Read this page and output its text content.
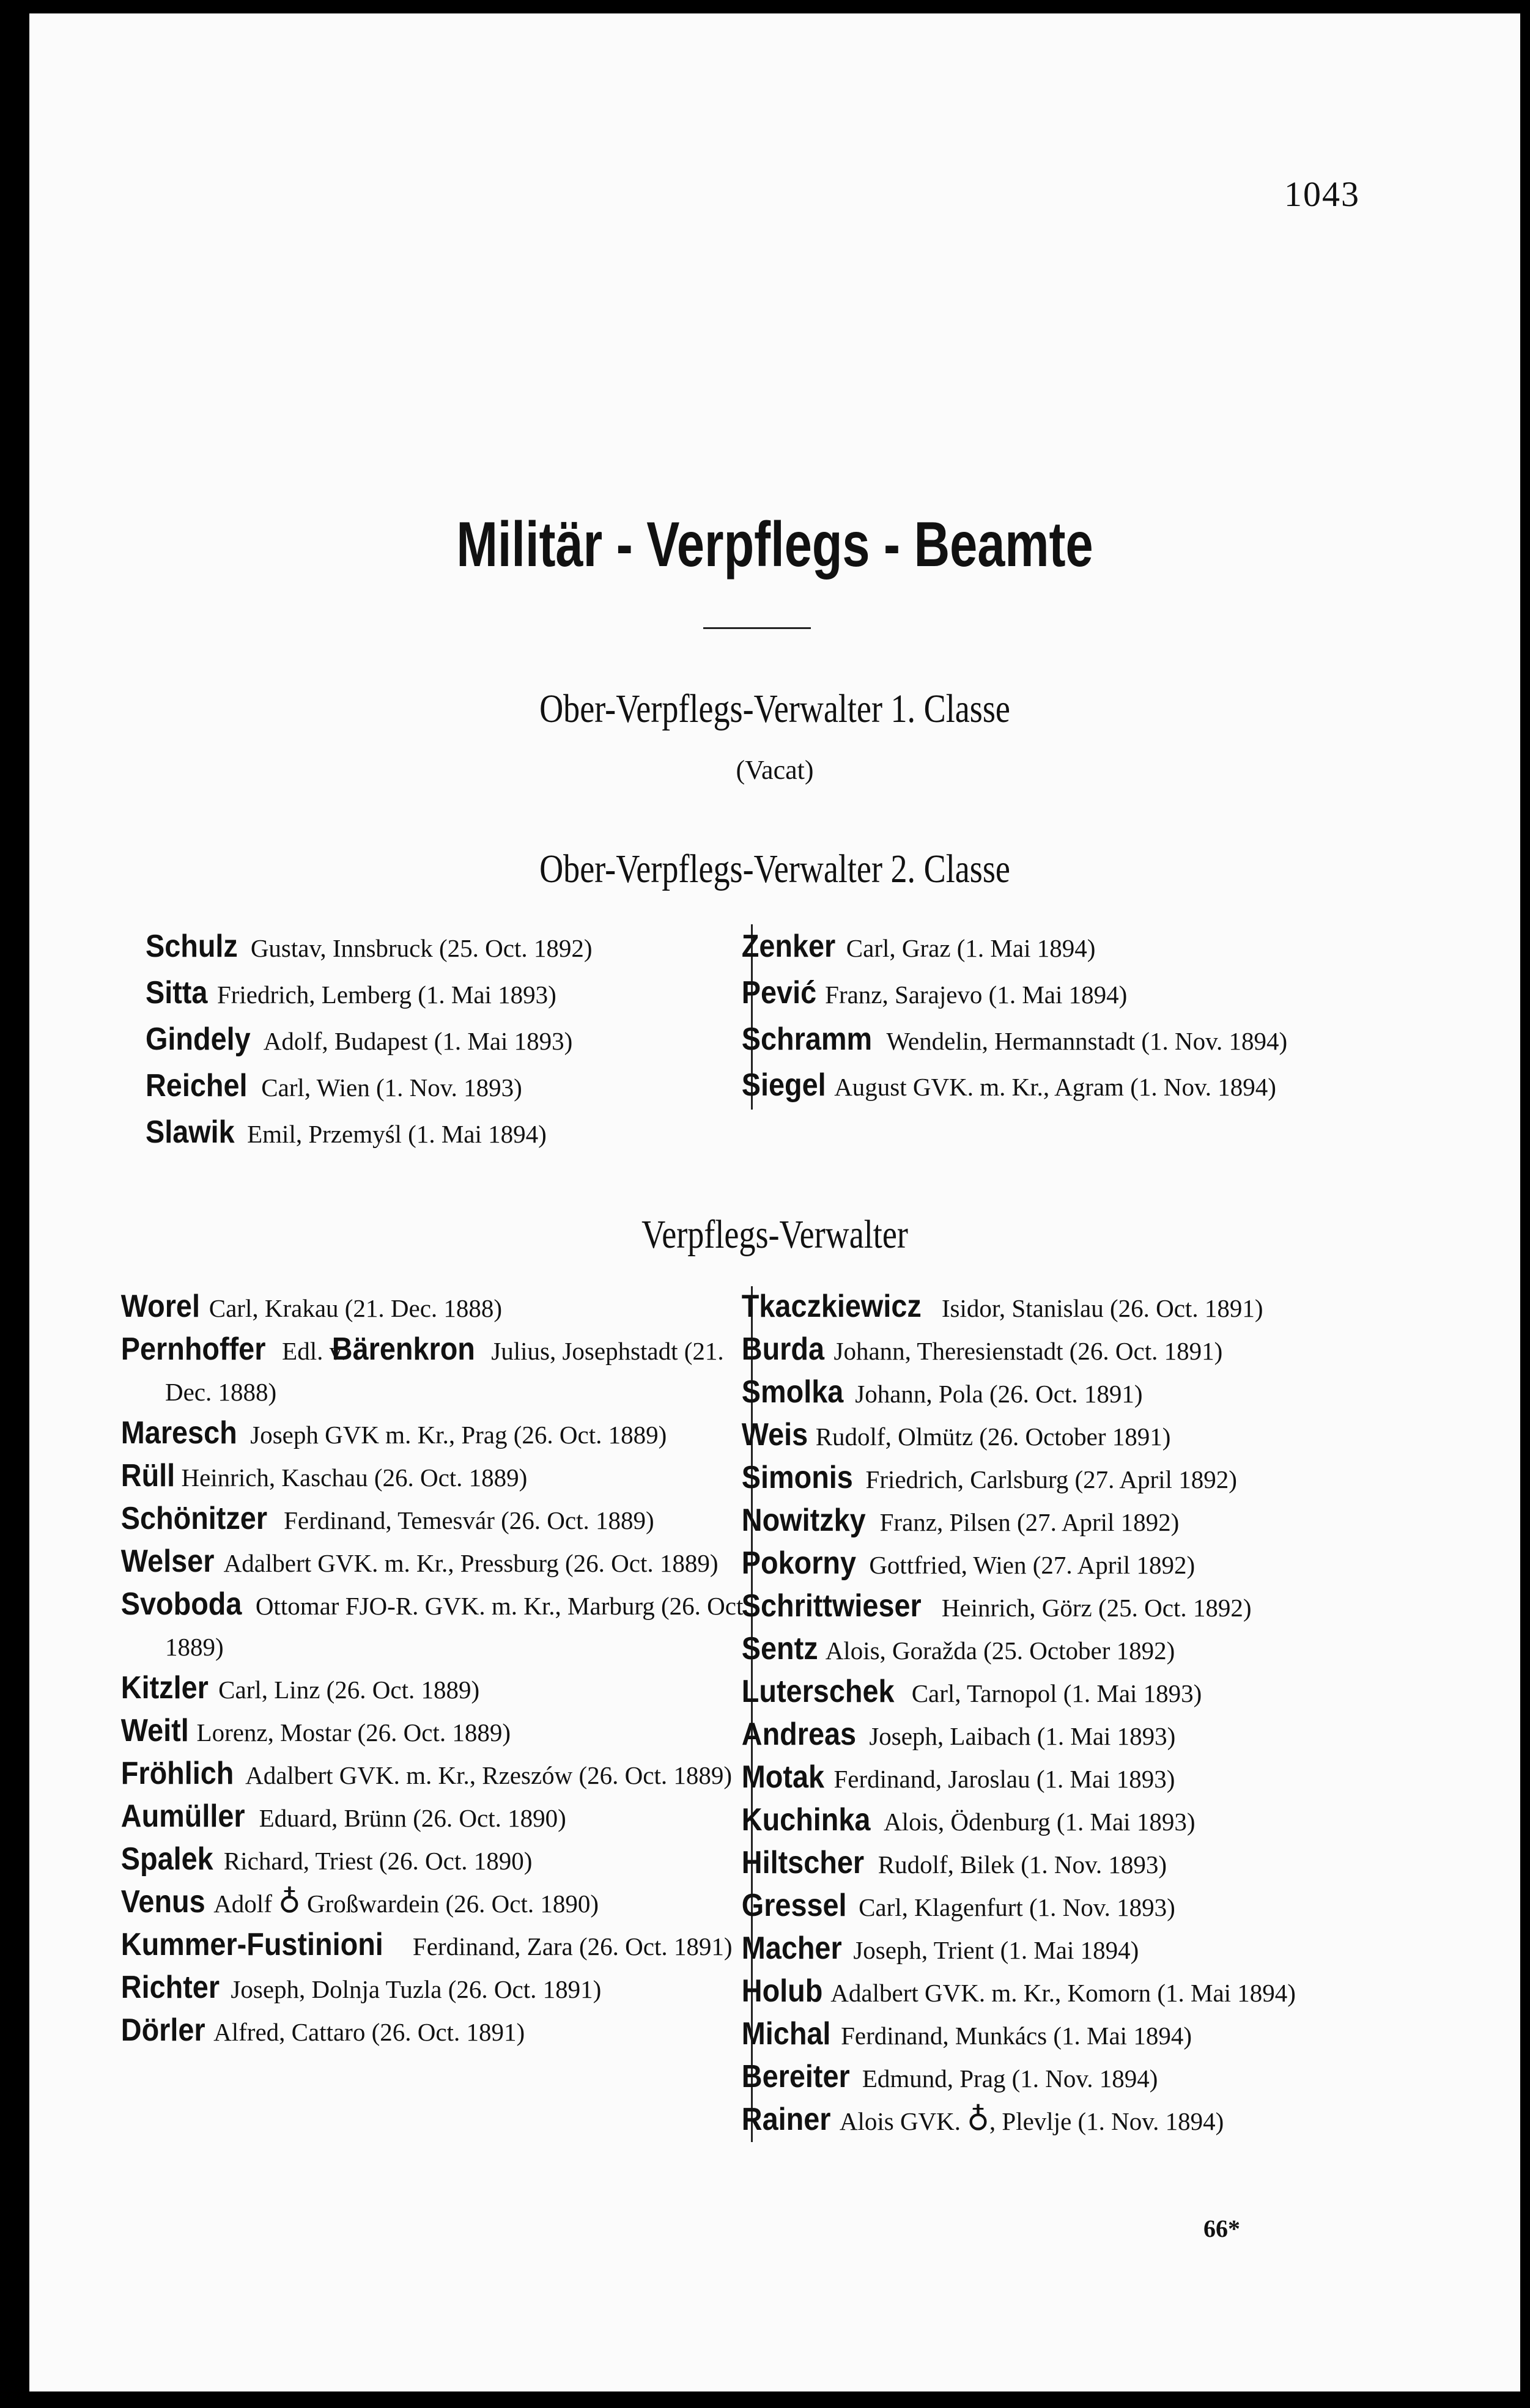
1043
Militär - Verpflegs - Beamte
Ober-Verpflegs-Verwalter 1. Classe
(Vacat)
Ober-Verpflegs-Verwalter 2. Classe

Schulz Gustav, Innsbruck (25. Oct. 1892)

Sitta Friedrich, Lemberg (1. Mai 1893)

Gindely Adolf, Budapest (1. Mai 1893)

Reichel Carl, Wien (1. Nov. 1893)

Slawik Emil, Przemyśl (1. Mai 1894)

Zenker Carl, Graz (1. Mai 1894)

Pević Franz, Sarajevo (1. Mai 1894)

Schramm Wendelin, Hermannstadt (1. Nov. 1894)

Siegel August GVK. m. Kr., Agram (1. Nov. 1894)

Verpflegs-Verwalter

Worel Carl, Krakau (21. Dec. 1888)

Pernhoffer Edl. v. Bärenkron Julius, Josephstadt (21. Dec. 1888)

Maresch Joseph GVK m. Kr., Prag (26. Oct. 1889)

Rüll Heinrich, Kaschau (26. Oct. 1889)

Schönitzer Ferdinand, Temesvár (26. Oct. 1889)

Welser Adalbert GVK. m. Kr., Pressburg (26. Oct. 1889)

Svoboda Ottomar FJO-R. GVK. m. Kr., Marburg (26. Oct. 1889)

Kitzler Carl, Linz (26. Oct. 1889)

Weitl Lorenz, Mostar (26. Oct. 1889)

Fröhlich Adalbert GVK. m. Kr., Rzeszów (26. Oct. 1889)

Aumüller Eduard, Brünn (26. Oct. 1890)

Spalek Richard, Triest (26. Oct. 1890)

Venus Adolf ♁ Großwardein (26. Oct. 1890)

Kummer-Fustinioni Ferdinand, Zara (26. Oct. 1891)

Richter Joseph, Dolnja Tuzla (26. Oct. 1891)

Dörler Alfred, Cattaro (26. Oct. 1891)

Tkaczkiewicz Isidor, Stanislau (26. Oct. 1891)

Burda Johann, Theresienstadt (26. Oct. 1891)

Smolka Johann, Pola (26. Oct. 1891)

Weis Rudolf, Olmütz (26. October 1891)

Simonis Friedrich, Carlsburg (27. April 1892)

Nowitzky Franz, Pilsen (27. April 1892)

Pokorny Gottfried, Wien (27. April 1892)

Schrittwieser Heinrich, Görz (25. Oct. 1892)

Sentz Alois, Goražda (25. October 1892)

Luterschek Carl, Tarnopol (1. Mai 1893)

Andreas Joseph, Laibach (1. Mai 1893)

Motak Ferdinand, Jaroslau (1. Mai 1893)

Kuchinka Alois, Ödenburg (1. Mai 1893)

Hiltscher Rudolf, Bilek (1. Nov. 1893)

Gressel Carl, Klagenfurt (1. Nov. 1893)

Macher Joseph, Trient (1. Mai 1894)

Holub Adalbert GVK. m. Kr., Komorn (1. Mai 1894)

Michal Ferdinand, Munkács (1. Mai 1894)

Bereiter Edmund, Prag (1. Nov. 1894)

Rainer Alois GVK. ♁, Plevlje (1. Nov. 1894)

66*
